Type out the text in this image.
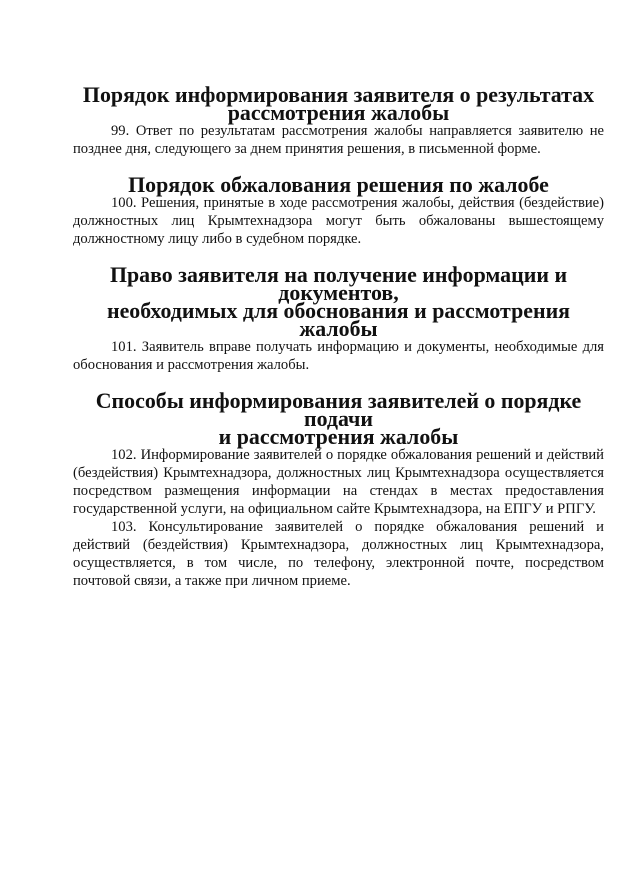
Порядок информирования заявителя о результатах
рассмотрения жалобы

99. Ответ по результатам рассмотрения жалобы направляется заявителю не позднее дня, следующего за днем принятия решения, в письменной форме.

Порядок обжалования решения по жалобе

100. Решения, принятые в ходе рассмотрения жалобы, действия (бездействие) должностных лиц Крымтехнадзора могут быть обжалованы вышестоящему должностному лицу либо в судебном порядке.

Право заявителя на получение информации и документов,
необходимых для обоснования и рассмотрения жалобы

101. Заявитель вправе получать информацию и документы, необходимые для обоснования и рассмотрения жалобы.

Способы информирования заявителей о порядке подачи
и рассмотрения жалобы

102. Информирование заявителей о порядке обжалования решений и действий (бездействия) Крымтехнадзора, должностных лиц Крымтехнадзора осуществляется посредством размещения информации на стендах в местах предоставления государственной услуги, на официальном сайте Крымтехнадзора, на ЕПГУ и РПГУ.

103. Консультирование заявителей о порядке обжалования решений и действий (бездействия) Крымтехнадзора, должностных лиц Крымтехнадзора, осуществляется, в том числе, по телефону, электронной почте, посредством почтовой связи, а также при личном приеме.
